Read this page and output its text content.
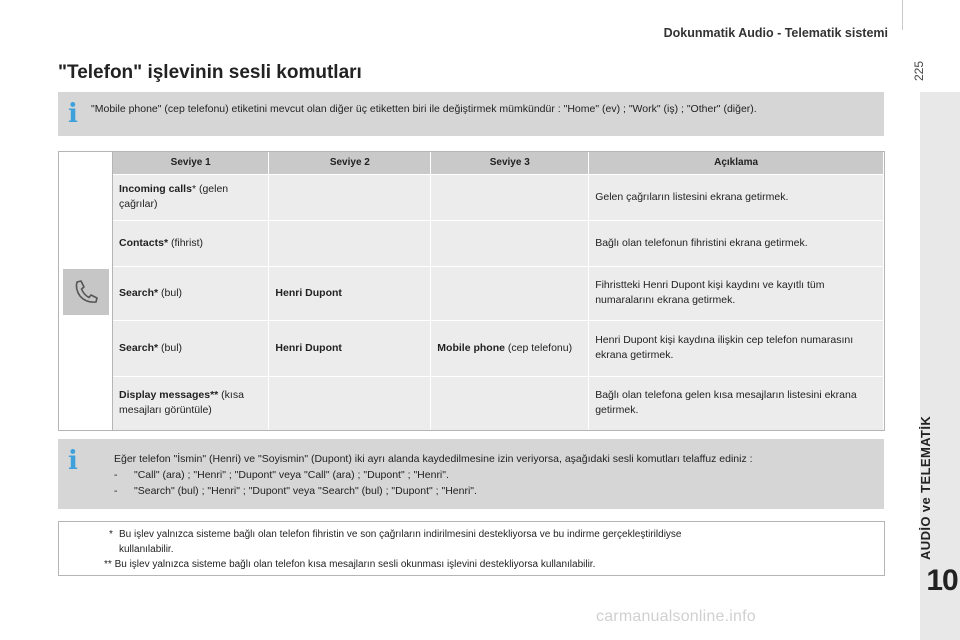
Dokunmatik Audio - Telematik sistemi
225
AUDİO ve TELEMATİK
10
"Telefon" işlevinin sesli komutları
i "Mobile phone" (cep telefonu) etiketini mevcut olan diğer üç etiketten biri ile değiştirmek mümkündür : "Home" (ev) ; "Work" (iş) ; "Other" (diğer).

Seviye 1	Seviye 2	Seviye 3	Açıklama
Incoming calls* (gelen çağrılar)			Gelen çağrıların listesini ekrana getirmek.
Contacts* (fihrist)			Bağlı olan telefonun fihristini ekrana getirmek.
Search* (bul)	Henri Dupont		Fihristteki Henri Dupont kişi kaydını ve kayıtlı tüm numaralarını ekrana getirmek.
Search* (bul)	Henri Dupont	Mobile phone (cep telefonu)	Henri Dupont kişi kaydına ilişkin cep telefon numarasını ekrana getirmek.
Display messages** (kısa mesajları görüntüle)			Bağlı olan telefona gelen kısa mesajların listesini ekrana getirmek.
i	Eğer telefon "İsmin" (Henri) ve "Soyismin" (Dupont) iki ayrı alanda kaydedilmesine izin veriyorsa, aşağıdaki sesli komutları telaffuz ediniz :
-	"Call" (ara) ; "Henri" ; "Dupont" veya "Call" (ara) ; "Dupont" ; "Henri".
-	"Search" (bul) ; "Henri" ; "Dupont" veya "Search" (bul) ; "Dupont" ; "Henri".
* Bu işlev yalnızca sisteme bağlı olan telefon fihristin ve son çağrıların indirilmesini destekliyorsa ve bu indirme gerçekleştirildiyse
kullanılabilir.
** Bu işlev yalnızca sisteme bağlı olan telefon kısa mesajların sesli okunması işlevini destekliyorsa kullanılabilir.
carmanualsonline.info
